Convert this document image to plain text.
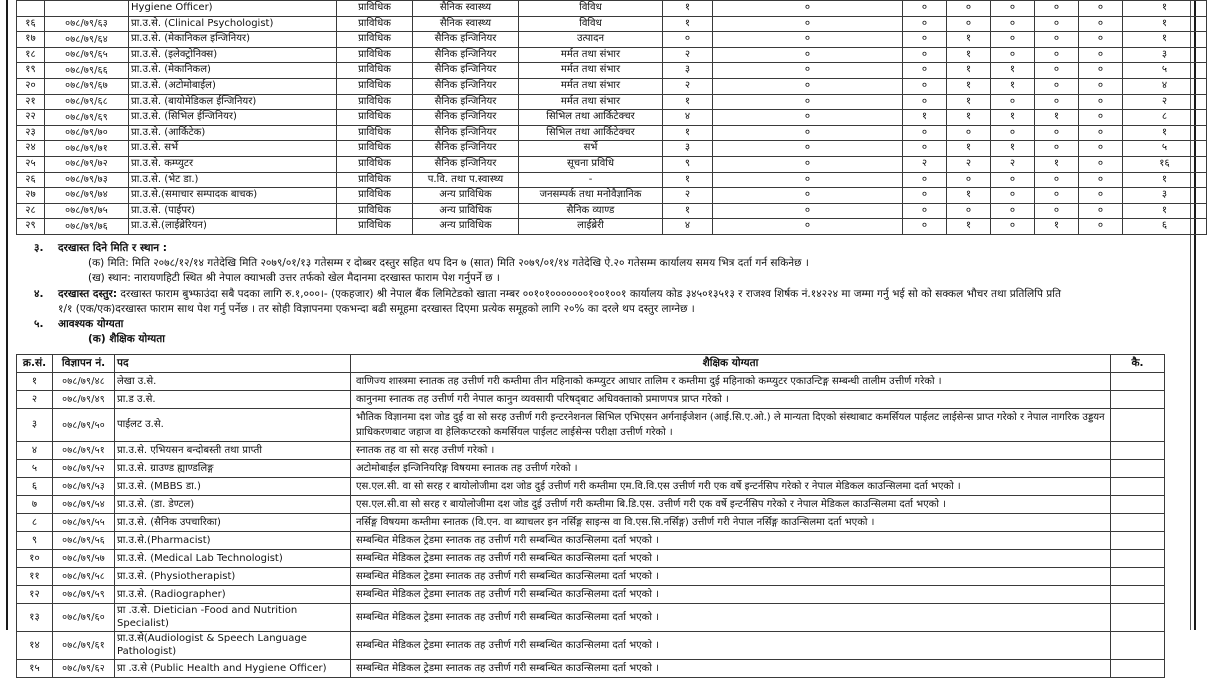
		Hygiene Officer)	प्राविधिक	सैनिक स्वास्थ्य	विविध	१	०	०	०	०	०	०	१
१६	०७८/७९/६३	प्रा.उ.से. (Clinical Psychologist)	प्राविधिक	सैनिक स्वास्थ्य	विविध	१	०	०	०	०	०	०	१
१७	०७८/७९/६४	प्रा.उ.से. (मेकानिकल इन्जिनियर)	प्राविधिक	सैनिक इन्जिनियर	उत्पादन	०	०	०	१	०	०	०	१
१८	०७८/७९/६५	प्रा.उ.से. (इलेक्ट्रोनिक्स)	प्राविधिक	सैनिक इन्जिनियर	मर्मत तथा संभार	२	०	०	१	०	०	०	३
१९	०७८/७९/६६	प्रा.उ.से. (मेकानिकल)	प्राविधिक	सैनिक इन्जिनियर	मर्मत तथा संभार	३	०	०	१	१	०	०	५
२०	०७८/७९/६७	प्रा.उ.से. (अटोमोबाईल)	प्राविधिक	सैनिक इन्जिनियर	मर्मत तथा संभार	२	०	०	१	१	०	०	४
२१	०७८/७९/६८	प्रा.उ.से. (बायोमेडिकल ईन्जिनियर)	प्राविधिक	सैनिक इन्जिनियर	मर्मत तथा संभार	१	०	०	१	०	०	०	२
२२	०७८/७९/६९	प्रा.उ.से. (सिभिल ईन्जिनियर)	प्राविधिक	सैनिक इन्जिनियर	सिभिल तथा आर्किटेक्चर	४	०	१	१	१	१	०	८
२३	०७८/७९/७०	प्रा.उ.से. (आर्किटेक)	प्राविधिक	सैनिक इन्जिनियर	सिभिल तथा आर्किटेक्चर	१	०	०	०	०	०	०	१
२४	०७८/७९/७१	प्रा.उ.से. सर्भे	प्राविधिक	सैनिक इन्जिनियर	सर्भे	३	०	०	१	१	०	०	५
२५	०७८/७९/७२	प्रा.उ.से. कम्प्युटर	प्राविधिक	सैनिक इन्जिनियर	सूचना प्रविधि	९	०	२	२	२	१	०	१६
२६	०७८/७९/७३	प्रा.उ.से. (भेट डा.)	प्राविधिक	प.वि. तथा प.स्वास्थ्य	-	१	०	०	०	०	०	०	१
२७	०७८/७९/७४	प्रा.उ.से.(समाचार सम्पादक बाचक)	प्राविधिक	अन्य प्राविधिक	जनसम्पर्क तथा मनोवैज्ञानिक	२	०	०	१	०	०	०	३
२८	०७८/७९/७५	प्रा.उ.से. (पाईपर)	प्राविधिक	अन्य प्राविधिक	सैनिक व्याण्ड	१	०	०	०	०	०	०	१
२९	०७८/७९/७६	प्रा.उ.से.(लाईब्रेरियन)	प्राविधिक	अन्य प्राविधिक	लाईब्रेरी	४	०	०	१	०	१	०	६
३.	दरखास्त दिने मिति र स्थान :
(क) मिति: मिति २०७८/१२/१४ गतेदेखि मिति २०७९/०१/१३ गतेसम्म र दोब्बर दस्तुर सहित थप दिन ७ (सात) मिति २०७९/०१/१४ गतेदेखि ऐ.२० गतेसम्म कार्यालय समय भित्र दर्ता गर्न सकिनेछ ।
(ख) स्थान: नारायणहिटी स्थित श्री नेपाल क्याभल्री उत्तर तर्फको खेल मैदानमा दरखास्त फाराम पेश गर्नुपर्ने छ ।
४.	दरखास्त दस्तुर: दरखास्त फाराम बुभ्फाउंदा सबै पदका लागि रु.१,०००।- (एकहजार) श्री नेपाल बैंक लिमिटेडको खाता नम्बर ००१०१०००००००१००१००१ कार्यालय कोड ३४५०१३५१३ र राजश्व शिर्षक नं.१४२२४ मा जम्मा गर्नु भई सो को सक्कल भौचर तथा प्रतिलिपि प्रति
१/१ (एक/एक)दरखास्त फाराम साथ पेश गर्नु पर्नेछ । तर सोही विज्ञापनमा एकभन्दा बढी समूहमा दरखास्त दिएमा प्रत्येक समूहको लागि २०% का दरले थप दस्तुर लाग्नेछ ।
५.	आवश्यक योग्यता
(क) शैक्षिक योग्यता
क्र.सं.	विज्ञापन नं.	पद	शैक्षिक योग्यता	कै.
१	०७८/७९/४८	लेखा उ.से.	वाणिज्य शास्त्रमा स्नातक तह उत्तीर्ण गरी कम्तीमा तीन महिनाको कम्प्युटर आधार तालिम र कम्तीमा दुई महिनाको कम्प्युटर एकाउन्टिङ्ग सम्बन्धी तालीम उत्तीर्ण गरेको ।	
२	०७८/७९/४९	प्रा.ड उ.से.	कानुनमा स्नातक तह उत्तीर्ण गरी नेपाल कानुन व्यवसायी परिषद्‌बाट अधिवक्ताको प्रमाणपत्र प्राप्त गरेको ।	
३	०७८/७९/५०	पाईलट उ.से.	भौतिक विज्ञानमा दश जोड दुई वा सो सरह उत्तीर्ण गरी इन्टरनेशनल सिभिल एभिएसन अर्गनाईजेशन (आई.सि.ए.ओ.) ले मान्यता दिएको संस्थाबाट कमर्सियल पाईलट लाईसेन्स प्राप्त गरेको र नेपाल नागरिक उड्डयन प्राधिकरणबाट जहाज वा हेलिकप्टरको कमर्सियल पाईलट लाईसेन्स परीक्षा उत्तीर्ण गरेको ।	
४	०७८/७९/५१	प्रा.उ.से. एभियसन बन्दोबस्ती तथा प्राप्ती	स्नातक तह वा सो सरह उत्तीर्ण गरेको ।	
५	०७८/७९/५२	प्रा.उ.से. ग्राउण्ड ह्याण्डलिङ्ग	अटोमोबाईल इन्जिनियरिङ्ग विषयमा स्नातक तह उत्तीर्ण गरेको ।	
६	०७८/७९/५३	प्रा.उ.से. (MBBS डा.)	एस.एल.सी. वा सो सरह र बायोलोजीमा दश जोड दुई उत्तीर्ण गरी कम्तीमा एम.वि.वि.एस उत्तीर्ण गरी एक वर्षे इन्टर्नसिप गरेको र नेपाल मेडिकल काउन्सिलमा दर्ता भएको ।	
७	०७८/७९/५४	प्रा.उ.से. (डा. डेण्टल)	एस.एल.सी.वा सो सरह र बायोलोजीमा दश जोड दुई उत्तीर्ण गरी कम्तीमा बि.डि.एस. उत्तीर्ण गरी एक वर्षे इन्टर्नसिप गरेको र नेपाल मेडिकल काउन्सिलमा दर्ता भएको ।	
८	०७८/७९/५५	प्रा.उ.से. (सैनिक उपचारिका)	नर्सिङ्ग विषयमा कम्तीमा स्नातक (वि.एन. वा ब्याचलर इन नर्सिङ्ग साइन्स वा वि.एस.सि.नर्सिङ्ग) उत्तीर्ण गरी नेपाल नर्सिङ्ग काउन्सिलमा दर्ता भएको ।	
९	०७८/७९/५६	प्रा.उ.से.(Pharmacist)	सम्बन्धित मेडिकल ट्रेडमा स्नातक तह उत्तीर्ण गरी सम्बन्धित काउन्सिलमा दर्ता भएको ।	
१०	०७८/७९/५७	प्रा.उ.से. (Medical Lab Technologist)	सम्बन्धित मेडिकल ट्रेडमा स्नातक तह उत्तीर्ण गरी सम्बन्धित काउन्सिलमा दर्ता भएको ।	
११	०७८/७९/५८	प्रा.उ.से. (Physiotherapist)	सम्बन्धित मेडिकल ट्रेडमा स्नातक तह उत्तीर्ण गरी सम्बन्धित काउन्सिलमा दर्ता भएको ।	
१२	०७८/७९/५९	प्रा.उ.से. (Radiographer)	सम्बन्धित मेडिकल ट्रेडमा स्नातक तह उत्तीर्ण गरी सम्बन्धित काउन्सिलमा दर्ता भएको ।	
१३	०७८/७९/६०	प्रा .उ.से. Dietician -Food and Nutrition Specialist)	सम्बन्धित मेडिकल ट्रेडमा स्नातक तह उत्तीर्ण गरी सम्बन्धित काउन्सिलमा दर्ता भएको ।	
१४	०७८/७९/६१	प्रा.उ.से(Audiologist & Speech Language Pathologist)	सम्बन्धित मेडिकल ट्रेडमा स्नातक तह उत्तीर्ण गरी सम्बन्धित काउन्सिलमा दर्ता भएको ।	
१५	०७८/७९/६२	प्रा .उ.से (Public Health and Hygiene Officer)	सम्बन्धित मेडिकल ट्रेडमा स्नातक तह उत्तीर्ण गरी सम्बन्धित काउन्सिलमा दर्ता भएको ।	
